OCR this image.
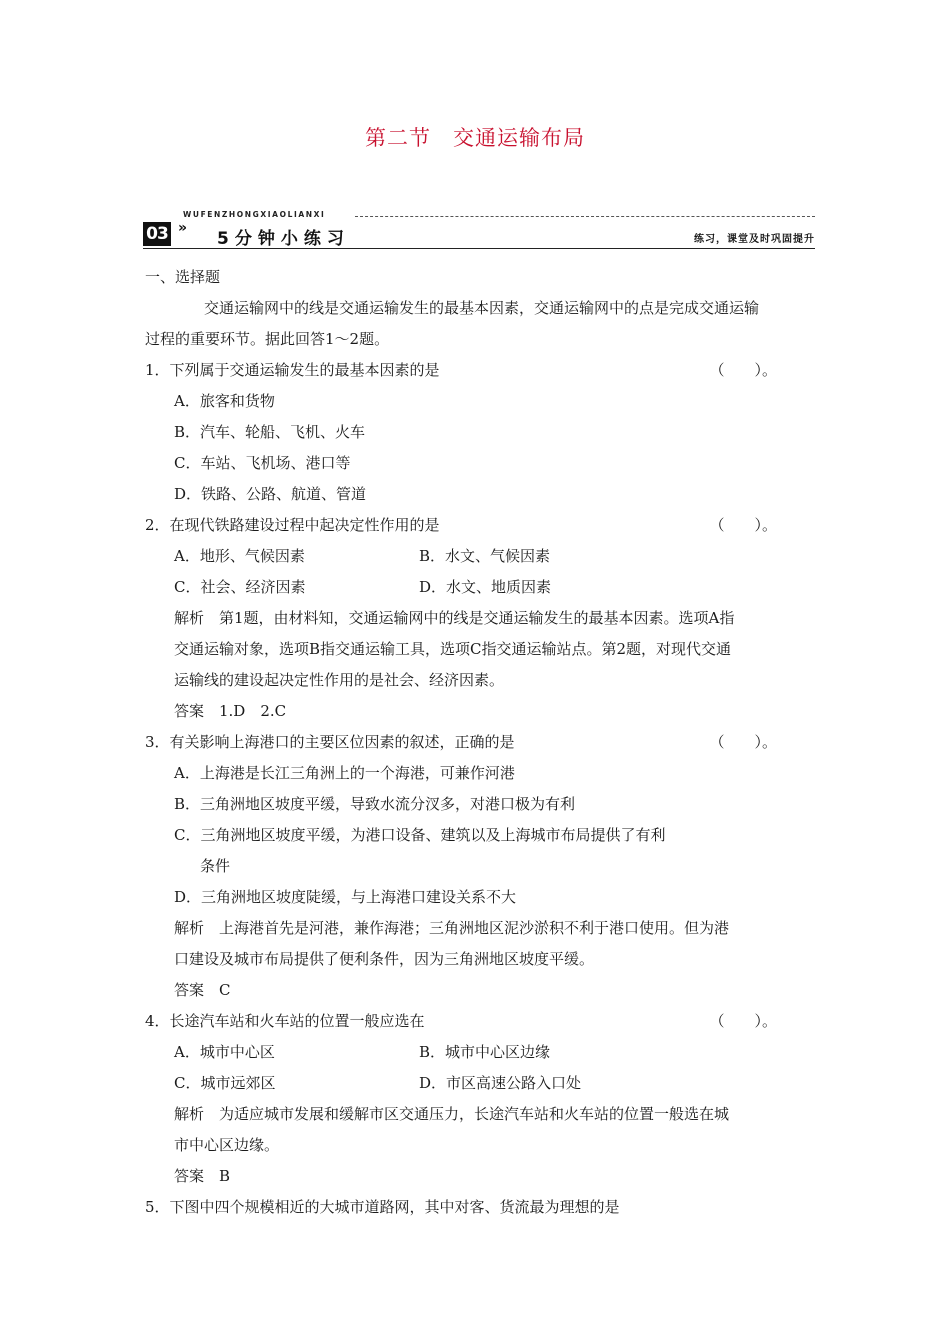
第二节　交通运输布局
03 »
WUFENZHONGXIAOLIANXI
5分钟小练习	练习，课堂及时巩固提升
一、选择题
交通运输网中的线是交通运输发生的最基本因素，交通运输网中的点是完成交通运输
过程的重要环节。据此回答1～2题。
1．下列属于交通运输发生的最基本因素的是	（　　）。
A．旅客和货物
B．汽车、轮船、飞机、火车
C．车站、飞机场、港口等
D．铁路、公路、航道、管道
2．在现代铁路建设过程中起决定性作用的是	（　　）。
A．地形、气候因素	B．水文、气候因素
C．社会、经济因素	D．水文、地质因素
解析　第1题，由材料知，交通运输网中的线是交通运输发生的最基本因素。选项A指
交通运输对象，选项B指交通运输工具，选项C指交通运输站点。第2题，对现代交通
运输线的建设起决定性作用的是社会、经济因素。
答案　1.D　2.C
3．有关影响上海港口的主要区位因素的叙述，正确的是	（　　）。
A．上海港是长江三角洲上的一个海港，可兼作河港
B．三角洲地区坡度平缓，导致水流分汊多，对港口极为有利
C．三角洲地区坡度平缓，为港口设备、建筑以及上海城市布局提供了有利
条件
D．三角洲地区坡度陡缓，与上海港口建设关系不大
解析　上海港首先是河港，兼作海港；三角洲地区泥沙淤积不利于港口使用。但为港
口建设及城市布局提供了便利条件，因为三角洲地区坡度平缓。
答案　C
4．长途汽车站和火车站的位置一般应选在	（　　）。
A．城市中心区	B．城市中心区边缘
C．城市远郊区	D．市区高速公路入口处
解析　为适应城市发展和缓解市区交通压力，长途汽车站和火车站的位置一般选在城
市中心区边缘。
答案　B
5．下图中四个规模相近的大城市道路网，其中对客、货流最为理想的是
